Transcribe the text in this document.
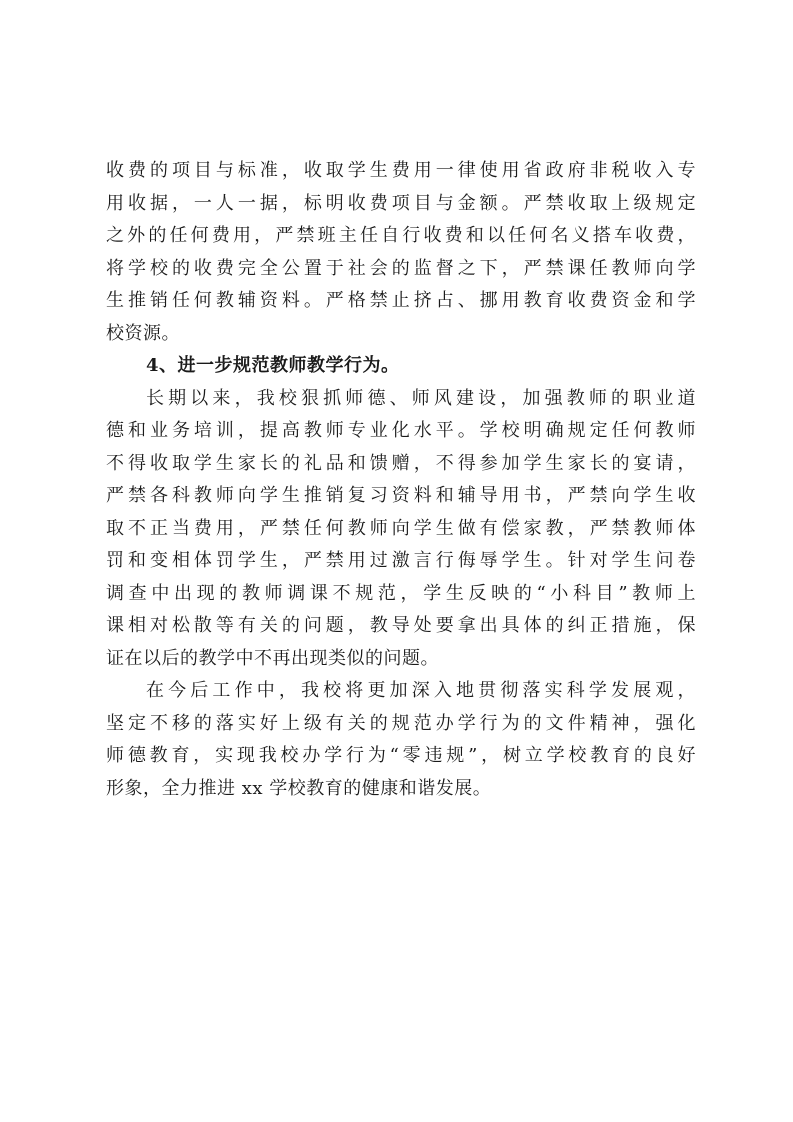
收费的项目与标准，收取学生费用一律使用省政府非税收入专
用收据，一人一据，标明收费项目与金额。严禁收取上级规定
之外的任何费用，严禁班主任自行收费和以任何名义搭车收费，
将学校的收费完全公置于社会的监督之下，严禁课任教师向学
生推销任何教辅资料。严格禁止挤占、挪用教育收费资金和学
校资源。
4、进一步规范教师教学行为。
长期以来，我校狠抓师德、师风建设，加强教师的职业道
德和业务培训，提高教师专业化水平。学校明确规定任何教师
不得收取学生家长的礼品和馈赠，不得参加学生家长的宴请，
严禁各科教师向学生推销复习资料和辅导用书，严禁向学生收
取不正当费用，严禁任何教师向学生做有偿家教，严禁教师体
罚和变相体罚学生，严禁用过激言行侮辱学生。针对学生问卷
调查中出现的教师调课不规范，学生反映的“小科目”教师上
课相对松散等有关的问题，教导处要拿出具体的纠正措施，保
证在以后的教学中不再出现类似的问题。
在今后工作中，我校将更加深入地贯彻落实科学发展观，
坚定不移的落实好上级有关的规范办学行为的文件精神，强化
师德教育，实现我校办学行为“零违规”，树立学校教育的良好
形象，全力推进 xx 学校教育的健康和谐发展。
